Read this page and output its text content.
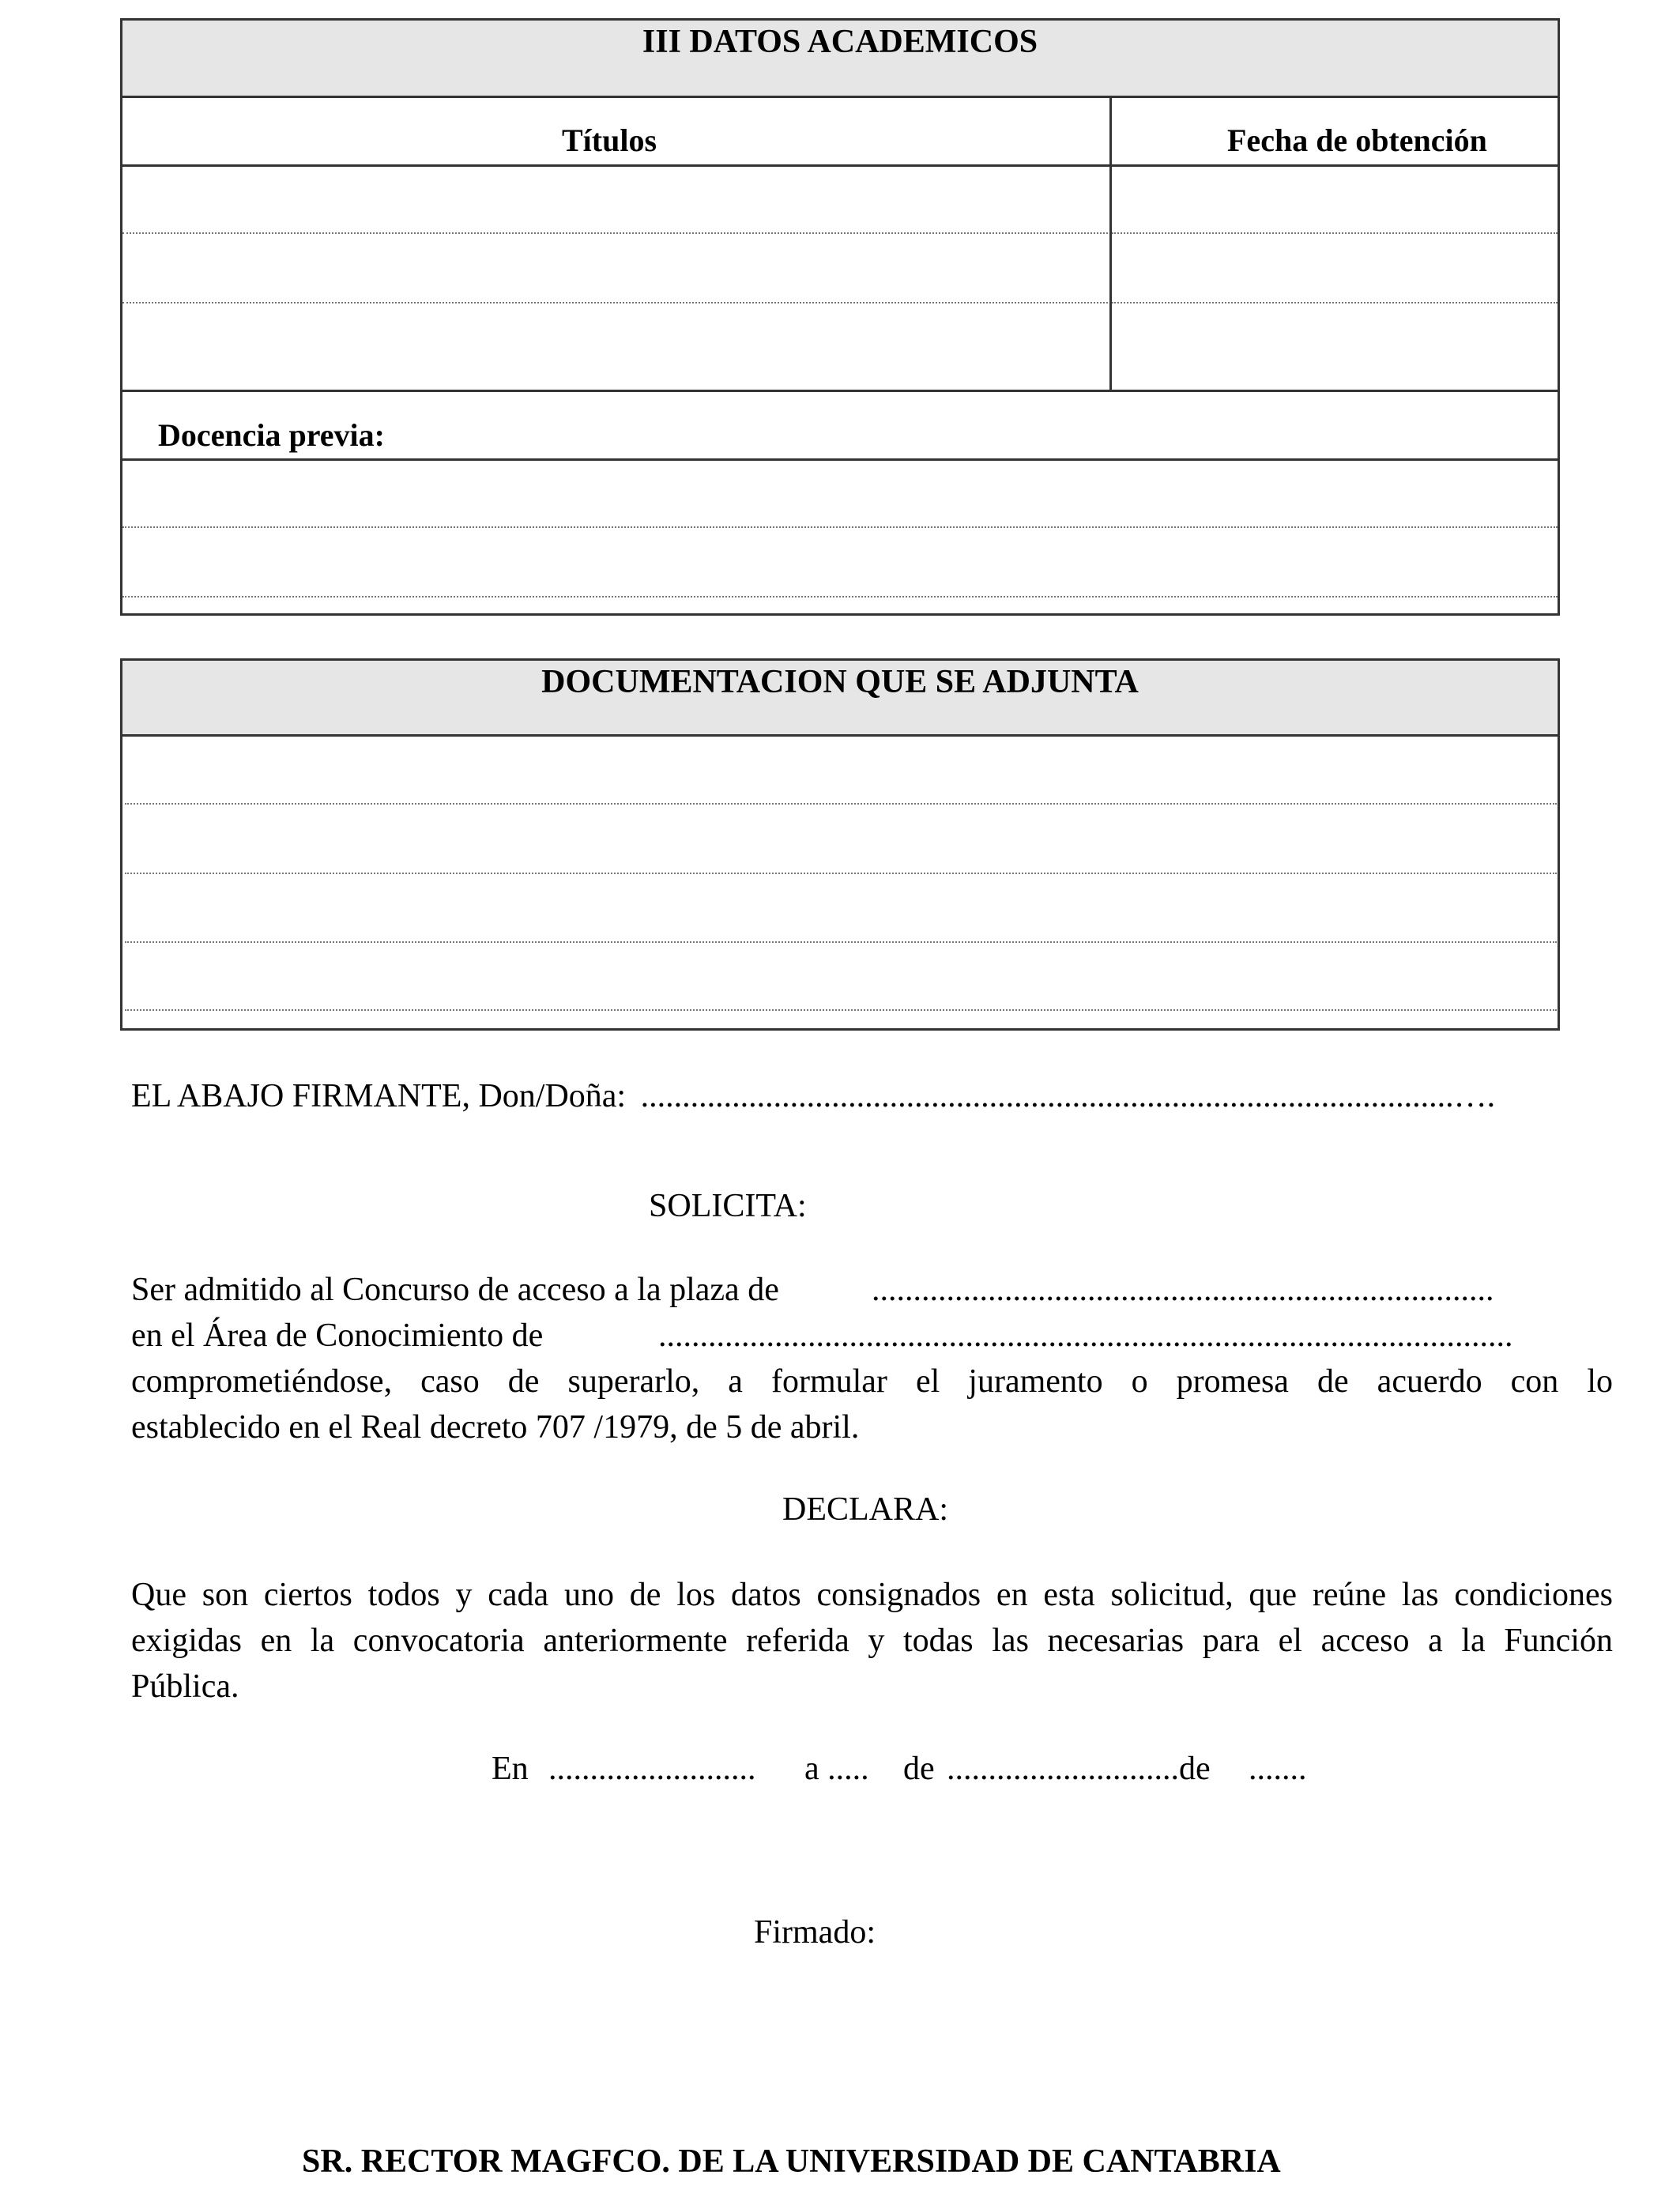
III DATOS ACADEMICOS
Títulos	Fecha de obtención
Docencia previa:
DOCUMENTACION QUE SE ADJUNTA
EL ABAJO FIRMANTE, Don/Doña: ..................................................................................................….
SOLICITA:
Ser admitido al Concurso de acceso a la plaza de	...........................................................................
en el Área de Conocimiento de	.......................................................................................................
comprometiéndose, caso de superarlo, a formular el juramento o promesa de acuerdo con lo
establecido en el Real decreto 707 /1979, de 5 de abril.
DECLARA:
Que son ciertos todos y cada uno de los datos consignados en esta solicitud, que reúne las condiciones
exigidas en la convocatoria anteriormente referida y todas las necesarias para el acceso a la Función
Pública.
En ......................... a ..... de ............................de .......
Firmado:
SR. RECTOR MAGFCO. DE LA UNIVERSIDAD DE CANTABRIA
